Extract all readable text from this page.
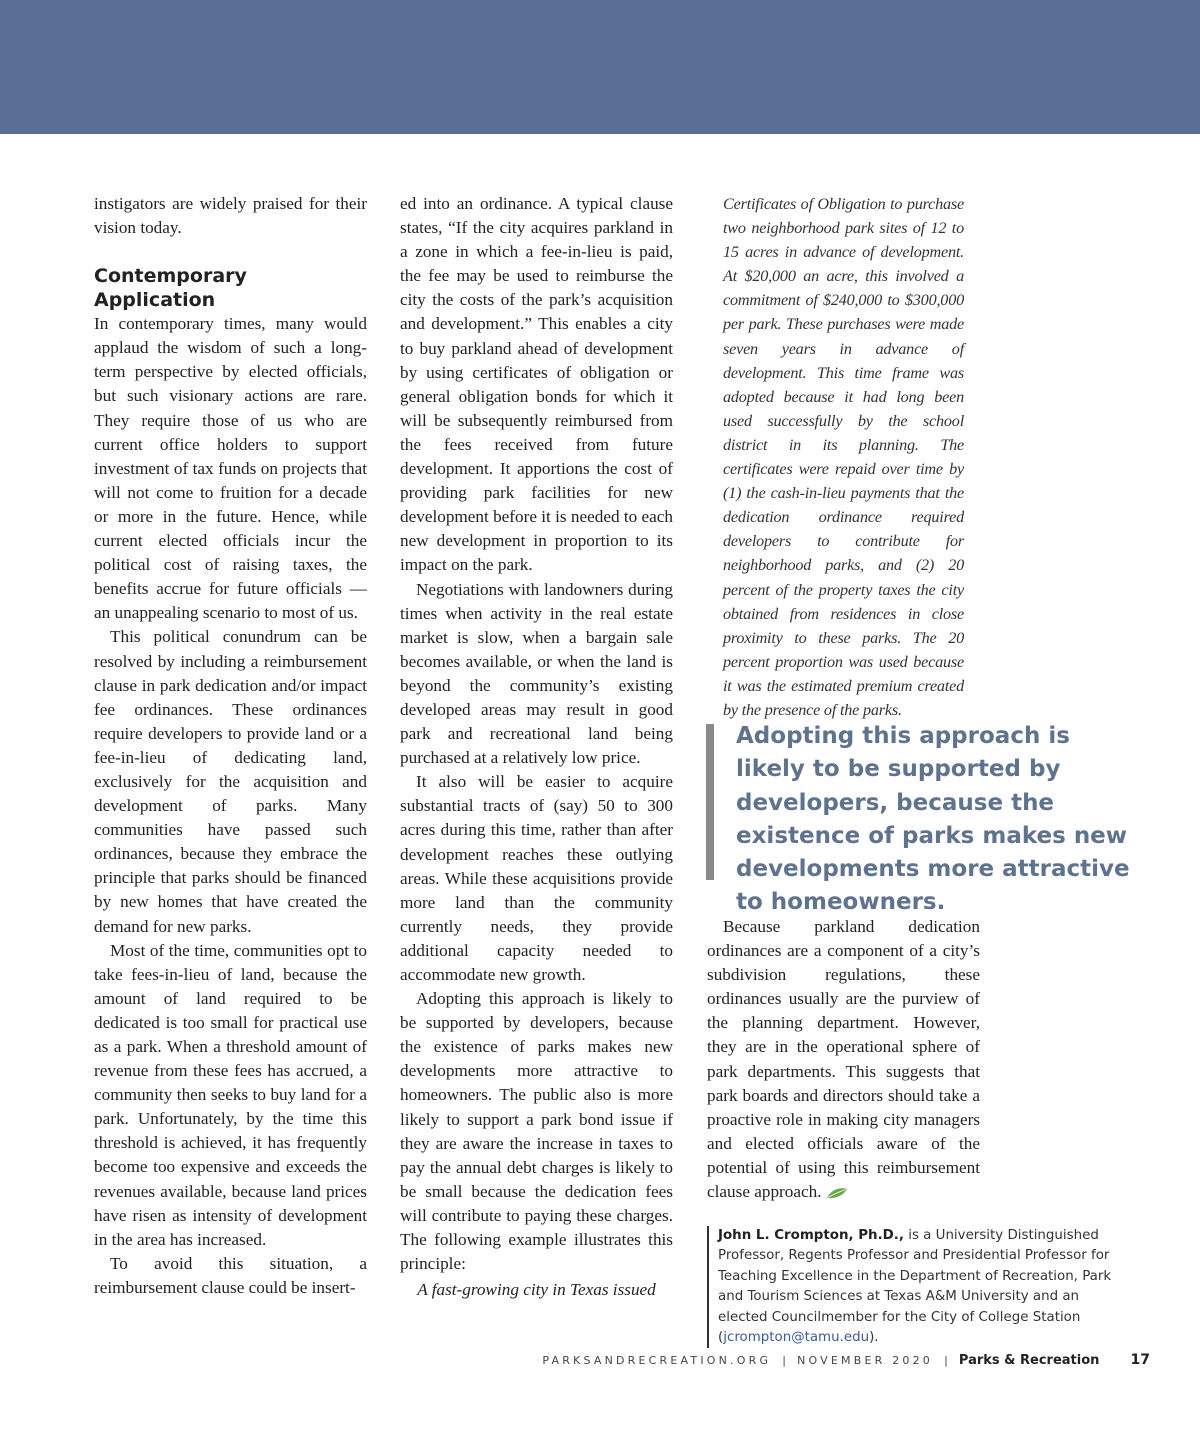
instigators are widely praised for their vision today.

Contemporary Application

In contemporary times, many would applaud the wisdom of such a long-term perspective by elected officials, but such visionary actions are rare. They require those of us who are current office holders to support investment of tax funds on projects that will not come to fruition for a decade or more in the future. Hence, while current elected officials incur the political cost of raising taxes, the benefits accrue for future officials — an unappealing scenario to most of us.

This political conundrum can be resolved by including a reimbursement clause in park dedication and/or impact fee ordinances. These ordinances require developers to provide land or a fee-in-lieu of dedicating land, exclusively for the acquisition and development of parks. Many communities have passed such ordinances, because they embrace the principle that parks should be financed by new homes that have created the demand for new parks.

Most of the time, communities opt to take fees-in-lieu of land, because the amount of land required to be dedicated is too small for practical use as a park. When a threshold amount of revenue from these fees has accrued, a community then seeks to buy land for a park. Unfortunately, by the time this threshold is achieved, it has frequently become too expensive and exceeds the revenues available, because land prices have risen as intensity of development in the area has increased.

To avoid this situation, a reimbursement clause could be insert-

ed into an ordinance. A typical clause states, “If the city acquires parkland in a zone in which a fee-in-lieu is paid, the fee may be used to reimburse the city the costs of the park’s acquisition and development.” This enables a city to buy parkland ahead of development by using certificates of obligation or general obligation bonds for which it will be subsequently reimbursed from the fees received from future development. It apportions the cost of providing park facilities for new development before it is needed to each new development in proportion to its impact on the park.

Negotiations with landowners during times when activity in the real estate market is slow, when a bargain sale becomes available, or when the land is beyond the community’s existing developed areas may result in good park and recreational land being purchased at a relatively low price.

It also will be easier to acquire substantial tracts of (say) 50 to 300 acres during this time, rather than after development reaches these outlying areas. While these acquisitions provide more land than the community currently needs, they provide additional capacity needed to accommodate new growth.

Adopting this approach is likely to be supported by developers, because the existence of parks makes new developments more attractive to homeowners. The public also is more likely to support a park bond issue if they are aware the increase in taxes to pay the annual debt charges is likely to be small because the dedication fees will contribute to paying these charges. The following example illustrates this principle:

A fast-growing city in Texas issued

Certificates of Obligation to purchase two neighborhood park sites of 12 to 15 acres in advance of development. At $20,000 an acre, this involved a commitment of $240,000 to $300,000 per park. These purchases were made seven years in advance of development. This time frame was adopted because it had long been used successfully by the school district in its planning. The certificates were repaid over time by (1) the cash-in-lieu payments that the dedication ordinance required developers to contribute for neighborhood parks, and (2) 20 percent of the property taxes the city obtained from residences in close proximity to these parks. The 20 percent proportion was used because it was the estimated premium created by the presence of the parks.
Adopting this approach is likely to be supported by developers, because the existence of parks makes new developments more attractive to homeowners.

Because parkland dedication ordinances are a component of a city’s subdivision regulations, these ordinances usually are the purview of the planning department. However, they are in the operational sphere of park departments. This suggests that park boards and directors should take a proactive role in making city managers and elected officials aware of the potential of using this reimbursement clause approach.

John L. Crompton, Ph.D., is a University Distinguished Professor, Regents Professor and Presidential Professor for Teaching Excellence in the Department of Recreation, Park and Tourism Sciences at Texas A&M University and an elected Councilmember for the City of College Station (jcrompton@tamu.edu).
PARKSANDRECREATION.ORG | NOVEMBER 2020 | Parks & Recreation 17
